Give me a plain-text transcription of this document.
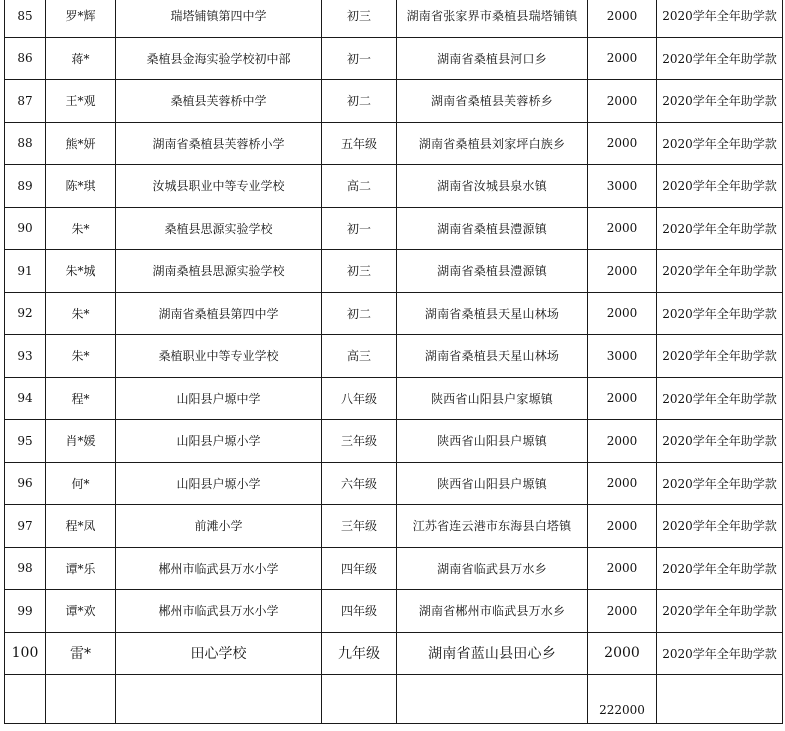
85	罗*辉	瑞塔铺镇第四中学	初三	湖南省张家界市桑植县瑞塔铺镇	2000	2020学年全年助学款
86	蒋*	桑植县金海实验学校初中部	初一	湖南省桑植县河口乡	2000	2020学年全年助学款
87	王*观	桑植县芙蓉桥中学	初二	湖南省桑植县芙蓉桥乡	2000	2020学年全年助学款
88	熊*妍	湖南省桑植县芙蓉桥小学	五年级	湖南省桑植县刘家坪白族乡	2000	2020学年全年助学款
89	陈*琪	汝城县职业中等专业学校	高二	湖南省汝城县泉水镇	3000	2020学年全年助学款
90	朱*	桑植县思源实验学校	初一	湖南省桑植县澧源镇	2000	2020学年全年助学款
91	朱*城	湖南桑植县思源实验学校	初三	湖南省桑植县澧源镇	2000	2020学年全年助学款
92	朱*	湖南省桑植县第四中学	初二	湖南省桑植县天星山林场	2000	2020学年全年助学款
93	朱*	桑植职业中等专业学校	高三	湖南省桑植县天星山林场	3000	2020学年全年助学款
94	程*	山阳县户塬中学	八年级	陕西省山阳县户家塬镇	2000	2020学年全年助学款
95	肖*媛	山阳县户塬小学	三年级	陕西省山阳县户塬镇	2000	2020学年全年助学款
96	何*	山阳县户塬小学	六年级	陕西省山阳县户塬镇	2000	2020学年全年助学款
97	程*凤	前滩小学	三年级	江苏省连云港市东海县白塔镇	2000	2020学年全年助学款
98	谭*乐	郴州市临武县万水小学	四年级	湖南省临武县万水乡	2000	2020学年全年助学款
99	谭*欢	郴州市临武县万水小学	四年级	湖南省郴州市临武县万水乡	2000	2020学年全年助学款
100	雷*	田心学校	九年级	湖南省蓝山县田心乡	2000	2020学年全年助学款
					222000	
